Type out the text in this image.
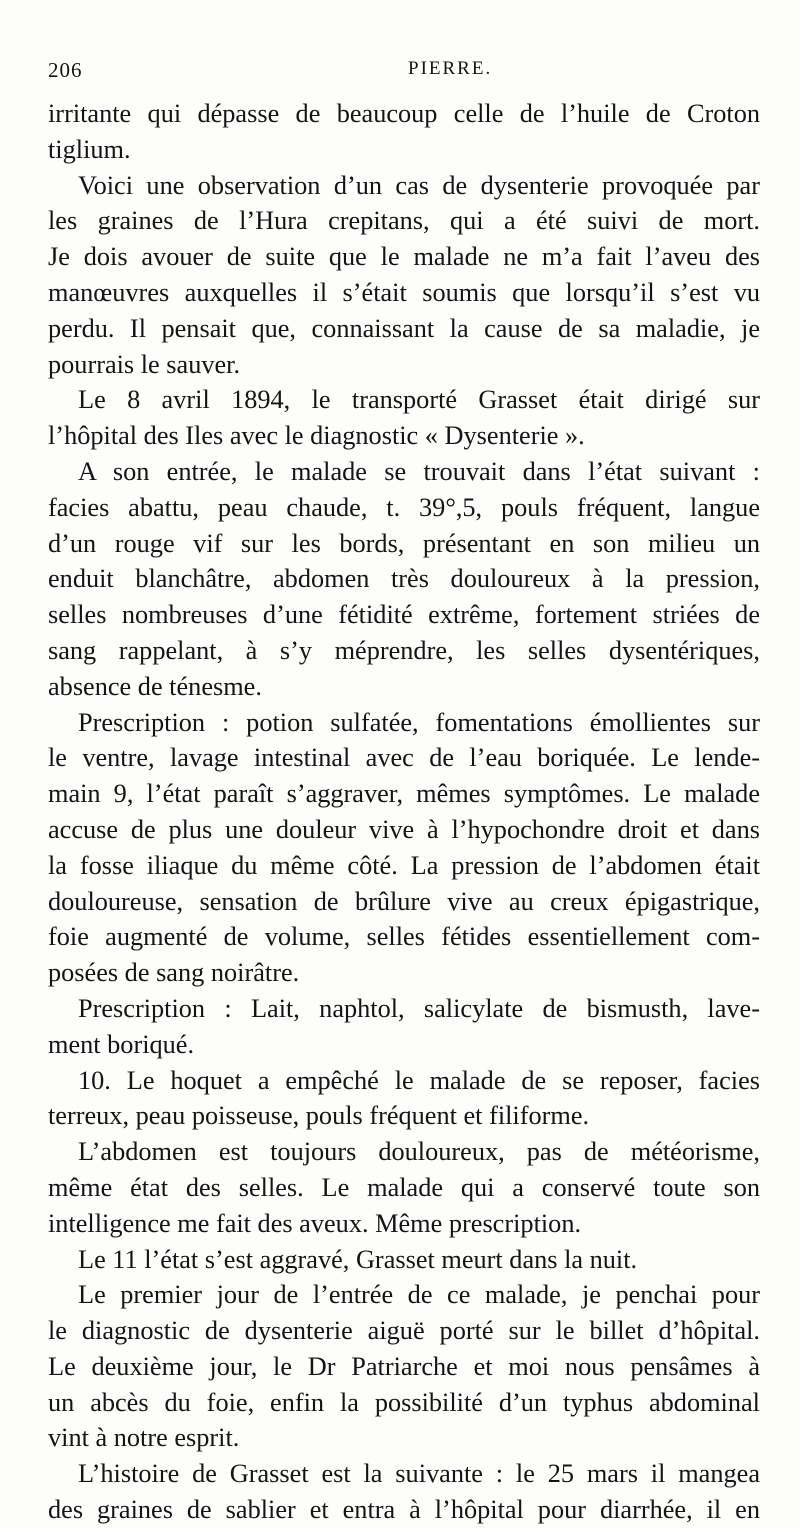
206	PIERRE.
irritante qui dépasse de beaucoup celle de l’huile de Croton
tiglium.
Voici une observation d’un cas de dysenterie provoquée par
les graines de l’Hura crepitans, qui a été suivi de mort.
Je dois avouer de suite que le malade ne m’a fait l’aveu des
manœuvres auxquelles il s’était soumis que lorsqu’il s’est vu
perdu. Il pensait que, connaissant la cause de sa maladie, je
pourrais le sauver.
Le 8 avril 1894, le transporté Grasset était dirigé sur
l’hôpital des Iles avec le diagnostic « Dysenterie ».
A son entrée, le malade se trouvait dans l’état suivant :
facies abattu, peau chaude, t. 39°,5, pouls fréquent, langue
d’un rouge vif sur les bords, présentant en son milieu un
enduit blanchâtre, abdomen très douloureux à la pression,
selles nombreuses d’une fétidité extrême, fortement striées de
sang rappelant, à s’y méprendre, les selles dysentériques,
absence de ténesme.
Prescription : potion sulfatée, fomentations émollientes sur
le ventre, lavage intestinal avec de l’eau boriquée. Le lende-
main 9, l’état paraît s’aggraver, mêmes symptômes. Le malade
accuse de plus une douleur vive à l’hypochondre droit et dans
la fosse iliaque du même côté. La pression de l’abdomen était
douloureuse, sensation de brûlure vive au creux épigastrique,
foie augmenté de volume, selles fétides essentiellement com-
posées de sang noirâtre.
Prescription : Lait, naphtol, salicylate de bismusth, lave-
ment boriqué.
10. Le hoquet a empêché le malade de se reposer, facies
terreux, peau poisseuse, pouls fréquent et filiforme.
L’abdomen est toujours douloureux, pas de météorisme,
même état des selles. Le malade qui a conservé toute son
intelligence me fait des aveux. Même prescription.
Le 11 l’état s’est aggravé, Grasset meurt dans la nuit.
Le premier jour de l’entrée de ce malade, je penchai pour
le diagnostic de dysenterie aiguë porté sur le billet d’hôpital.
Le deuxième jour, le Dr Patriarche et moi nous pensâmes à
un abcès du foie, enfin la possibilité d’un typhus abdominal
vint à notre esprit.
L’histoire de Grasset est la suivante : le 25 mars il mangea
des graines de sablier et entra à l’hôpital pour diarrhée, il en
